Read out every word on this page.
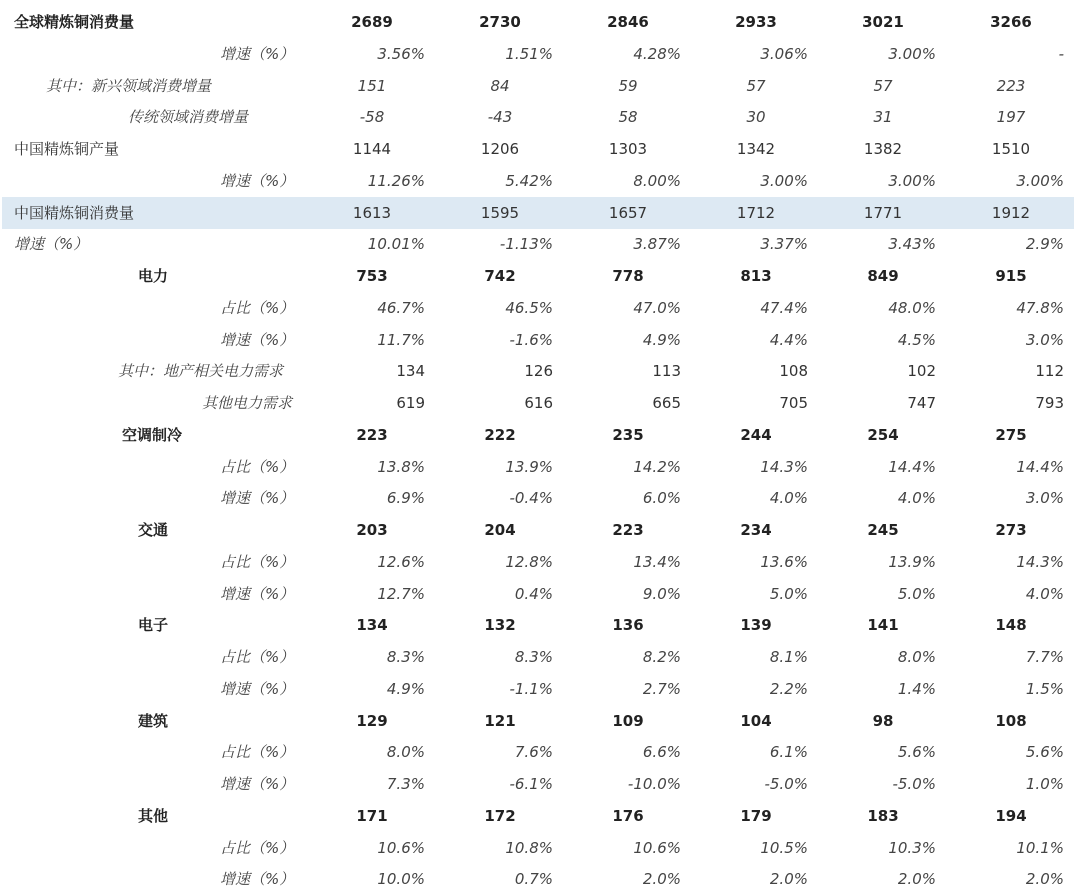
全球精炼铜消费量	2689	2730	2846	2933	3021	3266
增速（%）	3.56%	1.51%	4.28%	3.06%	3.00%	-
其中：新兴领域消费增量	151	84	59	57	57	223
传统领域消费增量	-58	-43	58	30	31	197
中国精炼铜产量	1144	1206	1303	1342	1382	1510
增速（%）	11.26%	5.42%	8.00%	3.00%	3.00%	3.00%
中国精炼铜消费量	1613	1595	1657	1712	1771	1912
增速（%）	10.01%	-1.13%	3.87%	3.37%	3.43%	2.9%
电力	753	742	778	813	849	915
占比（%）	46.7%	46.5%	47.0%	47.4%	48.0%	47.8%
增速（%）	11.7%	-1.6%	4.9%	4.4%	4.5%	3.0%
其中：地产相关电力需求	134	126	113	108	102	112
其他电力需求	619	616	665	705	747	793
空调制冷	223	222	235	244	254	275
占比（%）	13.8%	13.9%	14.2%	14.3%	14.4%	14.4%
增速（%）	6.9%	-0.4%	6.0%	4.0%	4.0%	3.0%
交通	203	204	223	234	245	273
占比（%）	12.6%	12.8%	13.4%	13.6%	13.9%	14.3%
增速（%）	12.7%	0.4%	9.0%	5.0%	5.0%	4.0%
电子	134	132	136	139	141	148
占比（%）	8.3%	8.3%	8.2%	8.1%	8.0%	7.7%
增速（%）	4.9%	-1.1%	2.7%	2.2%	1.4%	1.5%
建筑	129	121	109	104	98	108
占比（%）	8.0%	7.6%	6.6%	6.1%	5.6%	5.6%
增速（%）	7.3%	-6.1%	-10.0%	-5.0%	-5.0%	1.0%
其他	171	172	176	179	183	194
占比（%）	10.6%	10.8%	10.6%	10.5%	10.3%	10.1%
增速（%）	10.0%	0.7%	2.0%	2.0%	2.0%	2.0%
